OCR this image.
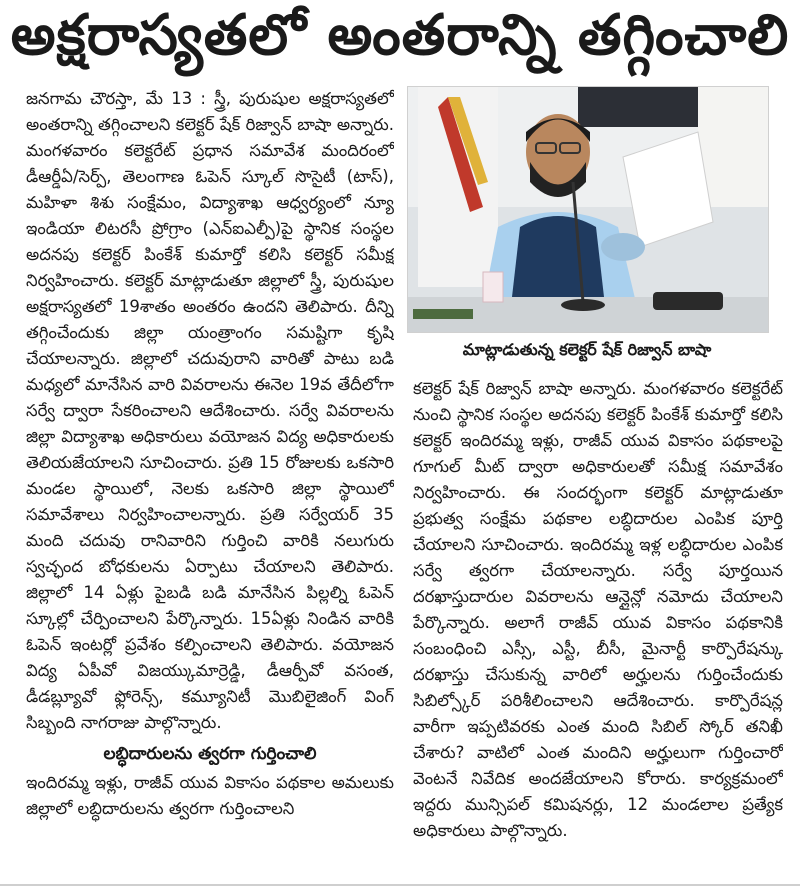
అక్షరాస్యతలో అంతరాన్ని తగ్గించాలి

జనగామ చౌరస్తా, మే 13 : స్త్రీ, పురుషుల అక్షరాస్యతలో అంతరాన్ని తగ్గించాలని కలెక్టర్ షేక్ రిజ్వాన్ బాషా అన్నారు. మంగళవారం కలెక్టరేట్ ప్రధాన సమావేశ మందిరంలో డీఆర్డీఏ/సెర్ప్, తెలంగాణ ఓపెన్ స్కూల్ సొసైటీ (టాస్), మహిళా శిశు సంక్షేమం, విద్యాశాఖ ఆధ్వర్యంలో న్యూ ఇండియా లిటరసీ ప్రోగ్రాం (ఎన్ఐఎల్పీ)పై స్థానిక సంస్థల అదనపు కలెక్టర్ పింకేశ్ కుమార్తో కలిసి కలెక్టర్ సమీక్ష నిర్వహించారు. కలెక్టర్ మాట్లాడుతూ జిల్లాలో స్త్రీ, పురుషుల అక్షరాస్యతలో 19శాతం అంతరం ఉందని తెలిపారు. దీన్ని తగ్గించేందుకు జిల్లా యంత్రాంగం సమష్టిగా కృషి చేయాలన్నారు. జిల్లాలో చదువురాని వారితో పాటు బడి మధ్యలో మానేసిన వారి వివరాలను ఈనెల 19వ తేదీలోగా సర్వే ద్వారా సేకరించాలని ఆదేశించారు. సర్వే వివరాలను జిల్లా విద్యాశాఖ అధికారులు వయోజన విద్య అధికారులకు తెలియజేయాలని సూచించారు. ప్రతి 15 రోజులకు ఒకసారి మండల స్థాయిలో, నెలకు ఒకసారి జిల్లా స్థాయిలో సమావేశాలు నిర్వహించాలన్నారు. ప్రతి సర్వేయర్ 35 మంది చదువు రానివారిని గుర్తించి వారికి నలుగురు స్వచ్ఛంద బోధకులను ఏర్పాటు చేయాలని తెలిపారు. జిల్లాలో 14 ఏళ్లు పైబడి బడి మానేసిన పిల్లల్ని ఓపెన్ స్కూల్లో చేర్పించాలని పేర్కొన్నారు. 15ఏళ్లు నిండిన వారికి ఓపెన్ ఇంటర్లో ప్రవేశం కల్పించాలని తెలిపారు. వయోజన విద్య ఏపీవో విజయ్కుమార్రెడ్డి, డీఆర్పీవో వసంత, డీడబ్ల్యూవో ఫ్లోరెన్స్, కమ్యూనిటీ మొబిలైజింగ్ వింగ్ సిబ్బంది నాగరాజు పాల్గొన్నారు.

లబ్ధిదారులను త్వరగా గుర్తించాలి

ఇందిరమ్మ ఇళ్లు, రాజీవ్ యువ వికాసం పథకాల అమలుకు జిల్లాలో లబ్ధిదారులను త్వరగా గుర్తించాలని

మాట్లాడుతున్న కలెక్టర్ షేక్ రిజ్వాన్ బాషా

కలెక్టర్ షేక్ రిజ్వాన్ బాషా అన్నారు. మంగళవారం కలెక్టరేట్ నుంచి స్థానిక సంస్థల అదనపు కలెక్టర్ పింకేశ్ కుమార్తో కలిసి కలెక్టర్ ఇందిరమ్మ ఇళ్లు, రాజీవ్ యువ వికాసం పథకాలపై గూగుల్ మీట్ ద్వారా అధికారులతో సమీక్ష సమావేశం నిర్వహించారు. ఈ సందర్భంగా కలెక్టర్ మాట్లాడుతూ ప్రభుత్వ సంక్షేమ పథకాల లబ్ధిదారుల ఎంపిక పూర్తి చేయాలని సూచించారు. ఇందిరమ్మ ఇళ్ల లబ్ధిదారుల ఎంపిక సర్వే త్వరగా చేయాలన్నారు. సర్వే పూర్తయిన దరఖాస్తుదారుల వివరాలను ఆన్లైన్లో నమోదు చేయాలని పేర్కొన్నారు. అలాగే రాజీవ్ యువ వికాసం పథకానికి సంబంధించి ఎస్సీ, ఎస్టీ, బీసీ, మైనార్టీ కార్పొరేషన్కు దరఖాస్తు చేసుకున్న వారిలో అర్హులను గుర్తించేందుకు సిబిల్స్కోర్ పరిశీలించాలని ఆదేశించారు. కార్పొరేషన్ల వారీగా ఇప్పటివరకు ఎంత మంది సిబిల్ స్కోర్ తనిఖీ చేశారు? వాటిలో ఎంత మందిని అర్హులుగా గుర్తించారో వెంటనే నివేదిక అందజేయాలని కోరారు. కార్యక్రమంలో ఇద్దరు మున్సిపల్ కమిషనర్లు, 12 మండలాల ప్రత్యేక అధికారులు పాల్గొన్నారు.
